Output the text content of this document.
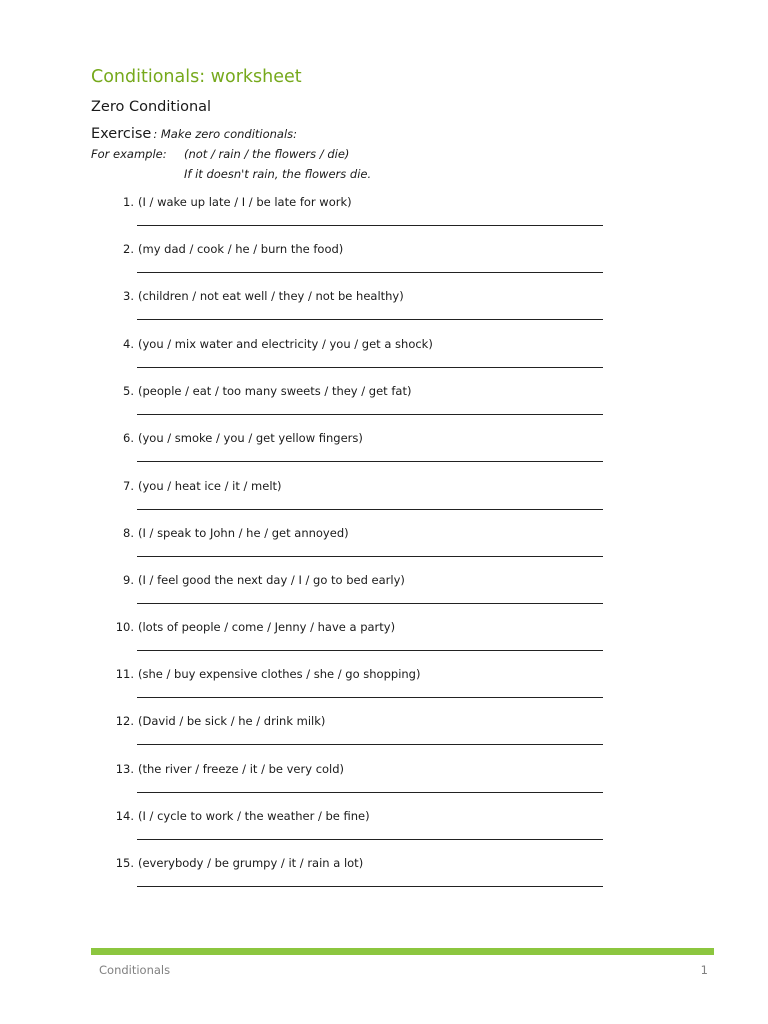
Conditionals: worksheet
Zero Conditional
Exercise : Make zero conditionals:
For example: (not / rain / the flowers / die)
If it doesn't rain, the flowers die.
1. (I / wake up late / I / be late for work)
2. (my dad / cook / he / burn the food)
3. (children / not eat well / they / not be healthy)
4. (you / mix water and electricity / you / get a shock)
5. (people / eat / too many sweets / they / get fat)
6. (you / smoke / you / get yellow fingers)
7. (you / heat ice / it / melt)
8. (I / speak to John / he / get annoyed)
9. (I / feel good the next day / I / go to bed early)
10. (lots of people / come / Jenny / have a party)
11. (she / buy expensive clothes / she / go shopping)
12. (David / be sick / he / drink milk)
13. (the river / freeze / it / be very cold)
14. (I / cycle to work / the weather / be fine)
15. (everybody / be grumpy / it / rain a lot)
Conditionals	1
